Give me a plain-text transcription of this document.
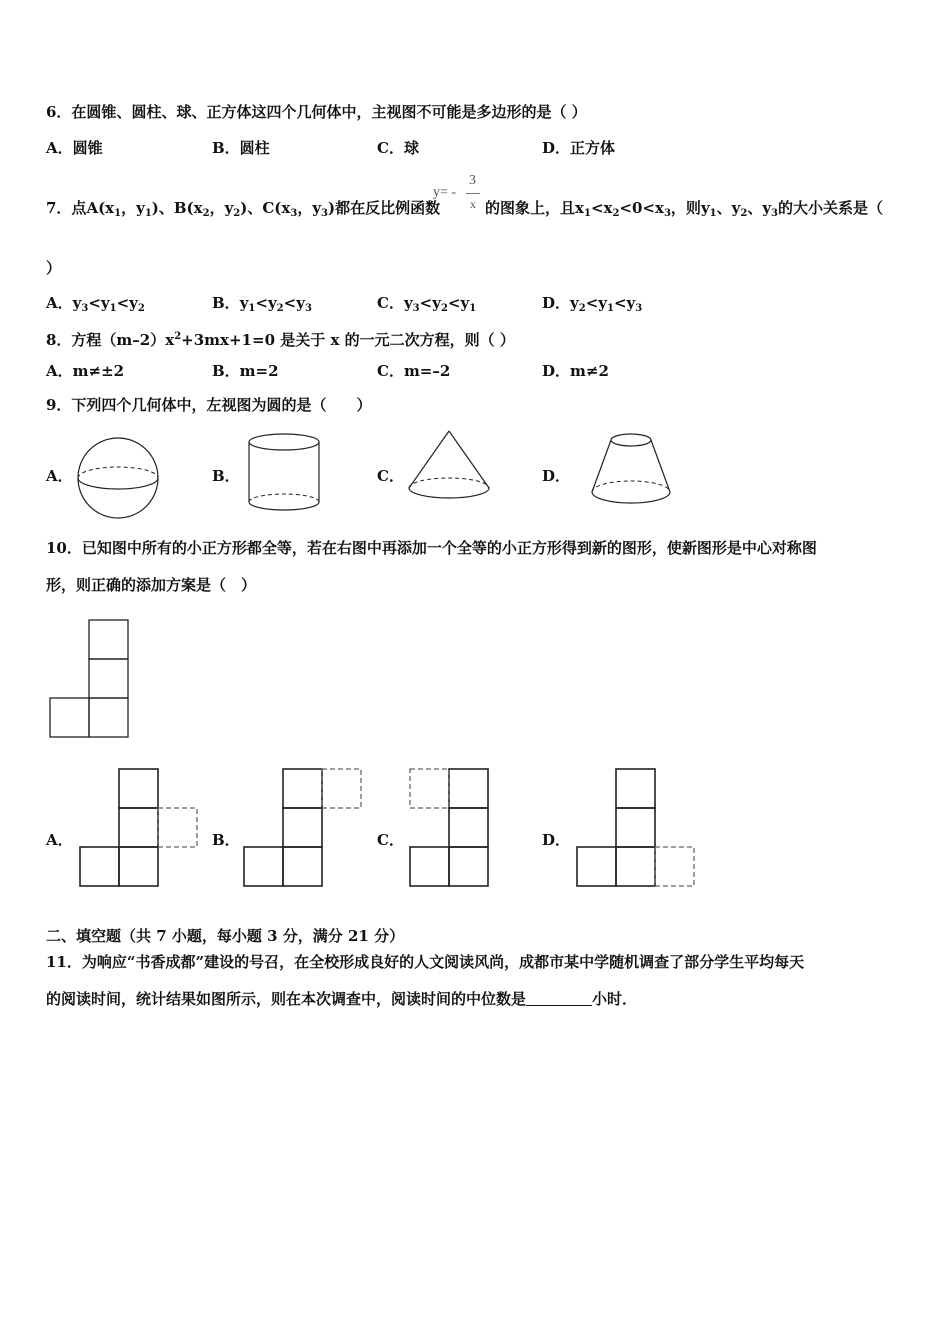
6．在圆锥、圆柱、球、正方体这四个几何体中，主视图不可能是多边形的是（ ）
A．圆锥	B．圆柱	C．球	D．正方体
7．点$A(x_1$，$y_1$)、$B(x_2$，$y_2$)、$C(x_3$，$y_3$)都在反比例函数
y= -
3
x 的图象上，且$x_1<x_2<0<x_3$，则$y_1$、$y_2$、$y_3$的大小关系是（
）
A．$y_3<y_1<y_2$	B．$y_1<y_2<y_3$	C．$y_3<y_2<y_1$	D．$y_2<y_1<y_3$
8．方程$(m-2)x^2+3mx+1=0$ 是关于 x 的一元二次方程，则（ ）
A．m≠±2	B．m=2	C．m=–2	D．m≠2
9．下列四个几何体中，左视图为圆的是（　　）
A．	B．	C．	D．
10．已知图中所有的小正方形都全等，若在右图中再添加一个全等的小正方形得到新的图形，使新图形是中心对称图
形，则正确的添加方案是（　）
A．	B．	C．	D．
二、填空题（共 7 小题，每小题 3 分，满分 21 分）
11．为响应“书香成都”建设的号召，在全校形成良好的人文阅读风尚，成都市某中学随机调查了部分学生平均每天
的阅读时间，统计结果如图所示，则在本次调查中，阅读时间的中位数是	小时．
